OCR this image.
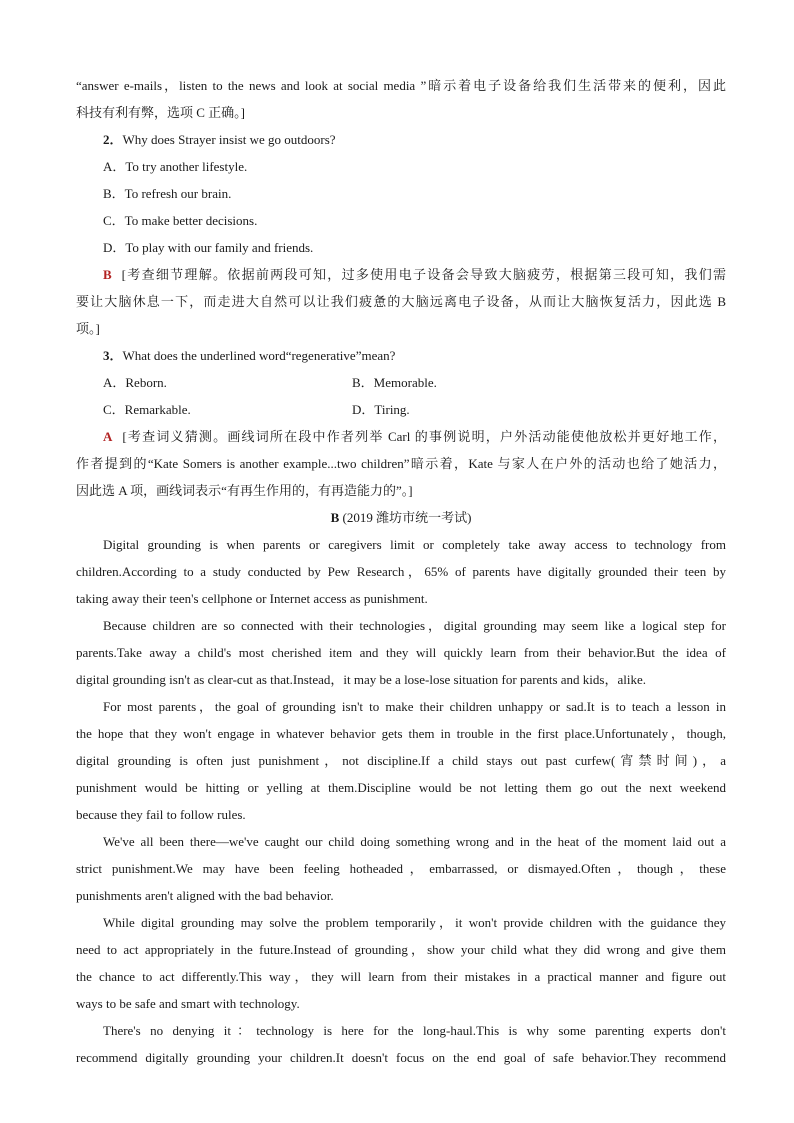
“answer e-mails，listen to the news and look at social media ”暗示着电子设备给我们生活带来的便利，因此
科技有利有弊，选项 C 正确。]
2．Why does Strayer insist we go outdoors?
A．To try another lifestyle.
B．To refresh our brain.
C．To make better decisions.
D．To play with our family and friends.
B [考查细节理解。依据前两段可知，过多使用电子设备会导致大脑疲劳，根据第三段可知，我们需
要让大脑休息一下，而走进大自然可以让我们疲惫的大脑远离电子设备，从而让大脑恢复活力，因此选 B
项。]
3．What does the underlined word“regenerative”mean?
A．Reborn.	B．Memorable.
C．Remarkable.	D．Tiring.
A [考查词义猜测。画线词所在段中作者列举 Carl 的事例说明，户外活动能使他放松并更好地工作，
作者提到的“Kate Somers is another example...two children”暗示着，Kate 与家人在户外的活动也给了她活力，
因此选 A 项，画线词表示“有再生作用的，有再造能力的”。]
B (2019 潍坊市统一考试)
Digital grounding is when parents or caregivers limit or completely take away access to technology from
children.According to a study conducted by Pew Research，65% of parents have digitally grounded their teen by
taking away their teen's cellphone or Internet access as punishment.
Because children are so connected with their technologies，digital grounding may seem like a logical step for
parents.Take away a child's most cherished item and they will quickly learn from their behavior.But the idea of
digital grounding isn't as clear-cut as that.Instead，it may be a lose-lose situation for parents and kids，alike.
For most parents，the goal of grounding isn't to make their children unhappy or sad.It is to teach a lesson in
the hope that they won't engage in whatever behavior gets them in trouble in the first place.Unfortunately，though,
digital grounding is often just punishment，not discipline.If a child stays out past curfew(宵禁时间)，a
punishment would be hitting or yelling at them.Discipline would be not letting them go out the next weekend
because they fail to follow rules.
We've all been there—we've caught our child doing something wrong and in the heat of the moment laid out a
strict punishment.We may have been feeling hotheaded，embarrassed, or dismayed.Often，though，these
punishments aren't aligned with the bad behavior.
While digital grounding may solve the problem temporarily，it won't provide children with the guidance they
need to act appropriately in the future.Instead of grounding，show your child what they did wrong and give them
the chance to act differently.This way，they will learn from their mistakes in a practical manner and figure out
ways to be safe and smart with technology.
There's no denying it：technology is here for the long-haul.This is why some parenting experts don't
recommend digitally grounding your children.It doesn't focus on the end goal of safe behavior.They recommend
